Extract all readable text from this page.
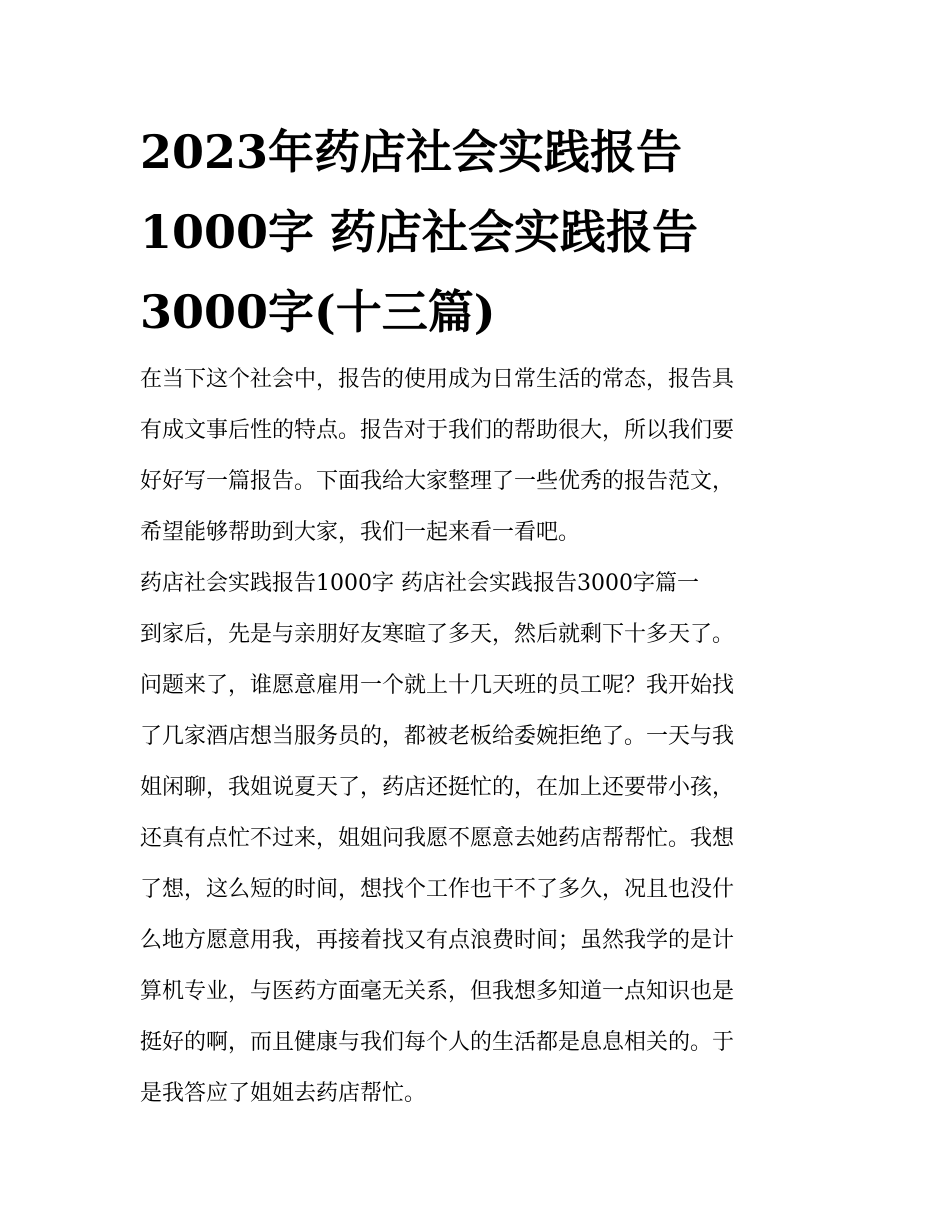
2023年药店社会实践报告
1000字 药店社会实践报告
3000字(十三篇)
在当下这个社会中，报告的使用成为日常生活的常态，报告具
有成文事后性的特点。报告对于我们的帮助很大，所以我们要
好好写一篇报告。下面我给大家整理了一些优秀的报告范文，
希望能够帮助到大家，我们一起来看一看吧。
药店社会实践报告1000字 药店社会实践报告3000字篇一
到家后，先是与亲朋好友寒暄了多天，然后就剩下十多天了。
问题来了，谁愿意雇用一个就上十几天班的员工呢？我开始找
了几家酒店想当服务员的，都被老板给委婉拒绝了。一天与我
姐闲聊，我姐说夏天了，药店还挺忙的，在加上还要带小孩，
还真有点忙不过来，姐姐问我愿不愿意去她药店帮帮忙。我想
了想，这么短的时间，想找个工作也干不了多久，况且也没什
么地方愿意用我，再接着找又有点浪费时间；虽然我学的是计
算机专业，与医药方面毫无关系，但我想多知道一点知识也是
挺好的啊，而且健康与我们每个人的生活都是息息相关的。于
是我答应了姐姐去药店帮忙。
